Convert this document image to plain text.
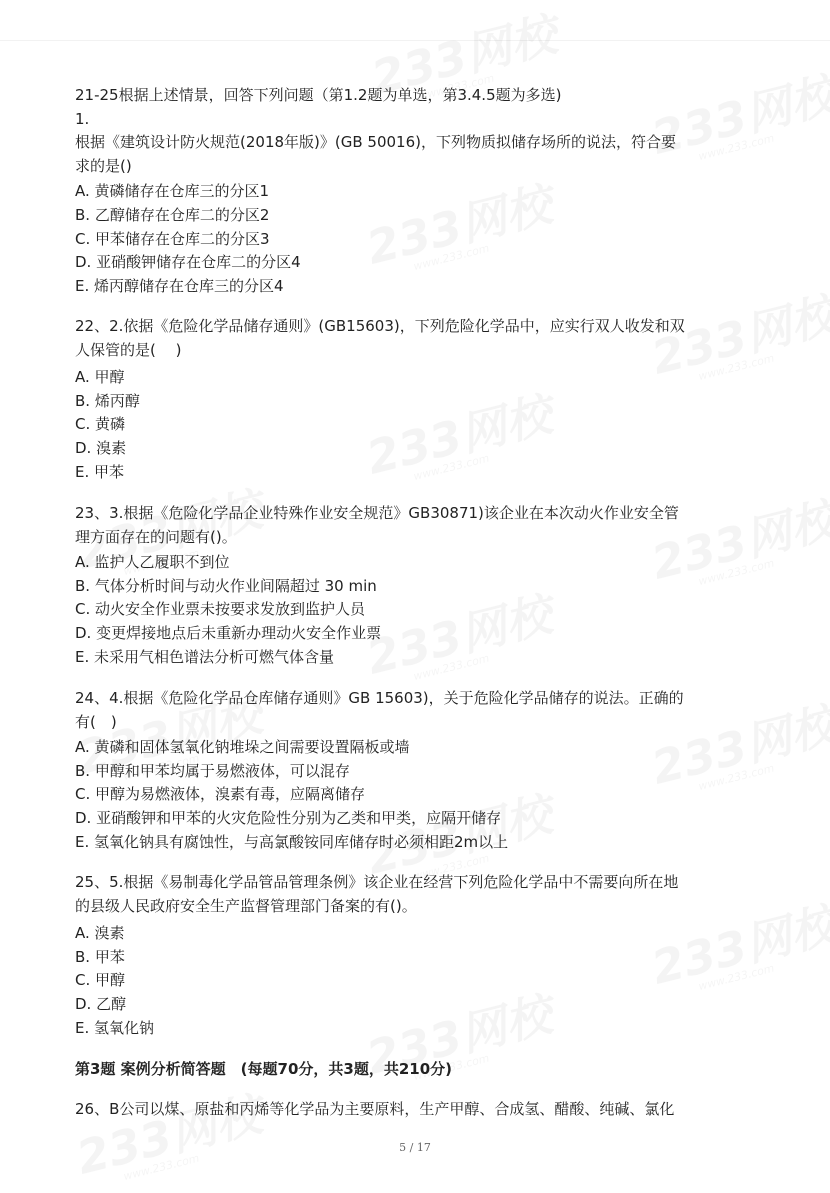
21-25根据上述情景，回答下列问题（第1.2题为单选，第3.4.5题为多选)
1.
根据《建筑设计防火规范(2018年版)》(GB 50016)，下列物质拟储存场所的说法，符合要
求的是()
A. 黄磷储存在仓库三的分区1
B. 乙醇储存在仓库二的分区2
C. 甲苯储存在仓库二的分区3
D. 亚硝酸钾储存在仓库二的分区4
E. 烯丙醇储存在仓库三的分区4
22、2.依据《危险化学品储存通则》(GB15603)，下列危险化学品中，应实行双人收发和双
人保管的是(　 )
A. 甲醇
B. 烯丙醇
C. 黄磷
D. 溴素
E. 甲苯
23、3.根据《危险化学品企业特殊作业安全规范》GB30871)该企业在本次动火作业安全管
理方面存在的问题有()。
A. 监护人乙履职不到位
B. 气体分析时间与动火作业间隔超过 30 min
C. 动火安全作业票未按要求发放到监护人员
D. 变更焊接地点后未重新办理动火安全作业票
E. 未采用气相色谱法分析可燃气体含量
24、4.根据《危险化学品仓库储存通则》GB 15603)，关于危险化学品储存的说法。正确的
有(　)
A. 黄磷和固体氢氧化钠堆垛之间需要设置隔板或墙
B. 甲醇和甲苯均属于易燃液体，可以混存
C. 甲醇为易燃液体，溴素有毒，应隔离储存
D. 亚硝酸钾和甲苯的火灾危险性分别为乙类和甲类，应隔开储存
E. 氢氧化钠具有腐蚀性，与高氯酸铵同库储存时必须相距2m以上
25、5.根据《易制毒化学品管品管理条例》该企业在经营下列危险化学品中不需要向所在地
的县级人民政府安全生产监督管理部门备案的有()。
A. 溴素
B. 甲苯
C. 甲醇
D. 乙醇
E. 氢氧化钠
第3题 案例分析简答题　(每题70分，共3题，共210分)
26、B公司以煤、原盐和丙烯等化学品为主要原料，生产甲醇、合成氢、醋酸、纯碱、氯化
5 / 17
